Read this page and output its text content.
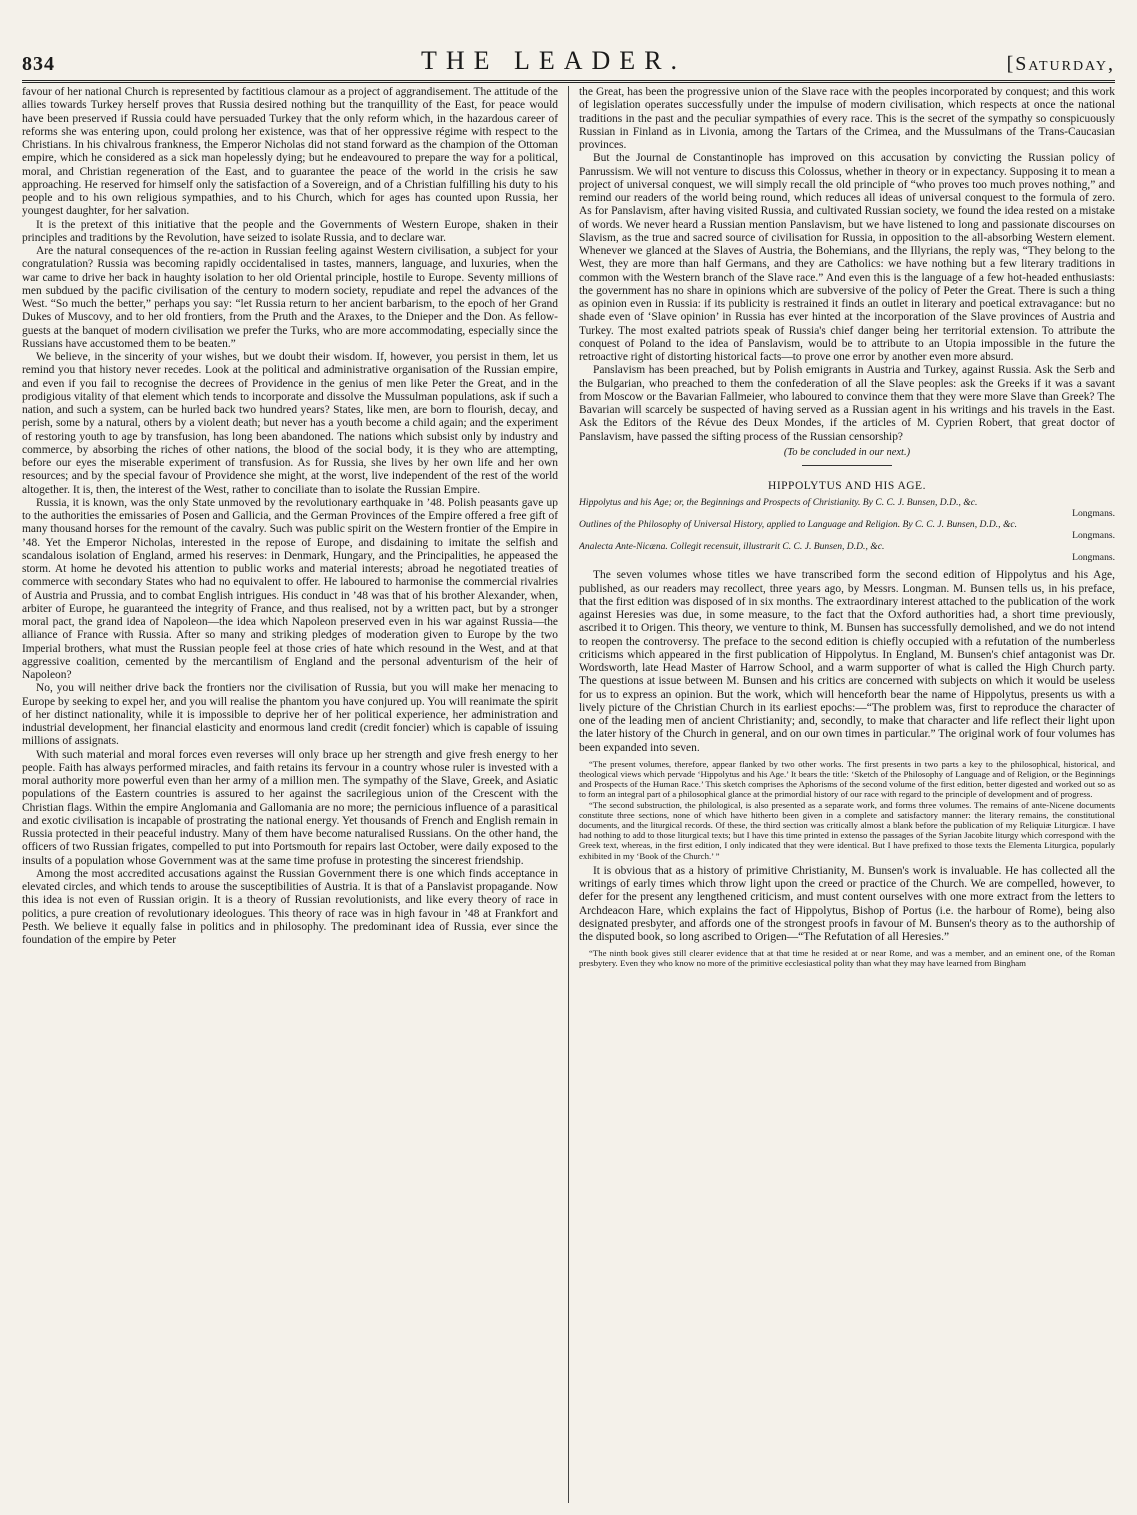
834	THE LEADER.	[Saturday,

favour of her national Church is represented by factitious clamour as a project of aggrandisement. The attitude of the allies towards Turkey herself proves that Russia desired nothing but the tranquillity of the East, for peace would have been preserved if Russia could have persuaded Turkey that the only reform which, in the hazardous career of reforms she was entering upon, could prolong her existence, was that of her oppressive régime with respect to the Christians. In his chivalrous frankness, the Emperor Nicholas did not stand forward as the champion of the Ottoman empire, which he considered as a sick man hopelessly dying; but he endeavoured to prepare the way for a political, moral, and Christian regeneration of the East, and to guarantee the peace of the world in the crisis he saw approaching. He reserved for himself only the satisfaction of a Sovereign, and of a Christian fulfilling his duty to his people and to his own religious sympathies, and to his Church, which for ages has counted upon Russia, her youngest daughter, for her salvation.

It is the pretext of this initiative that the people and the Governments of Western Europe, shaken in their principles and traditions by the Revolution, have seized to isolate Russia, and to declare war.

Are the natural consequences of the re-action in Russian feeling against Western civilisation, a subject for your congratulation? Russia was becoming rapidly occidentalised in tastes, manners, language, and luxuries, when the war came to drive her back in haughty isolation to her old Oriental principle, hostile to Europe. Seventy millions of men subdued by the pacific civilisation of the century to modern society, repudiate and repel the advances of the West. “So much the better,” perhaps you say: “let Russia return to her ancient barbarism, to the epoch of her Grand Dukes of Muscovy, and to her old frontiers, from the Pruth and the Araxes, to the Dnieper and the Don. As fellow-guests at the banquet of modern civilisation we prefer the Turks, who are more accommodating, especially since the Russians have accustomed them to be beaten.”

We believe, in the sincerity of your wishes, but we doubt their wisdom. If, however, you persist in them, let us remind you that history never recedes. Look at the political and administrative organisation of the Russian empire, and even if you fail to recognise the decrees of Providence in the genius of men like Peter the Great, and in the prodigious vitality of that element which tends to incorporate and dissolve the Mussulman populations, ask if such a nation, and such a system, can be hurled back two hundred years? States, like men, are born to flourish, decay, and perish, some by a natural, others by a violent death; but never has a youth become a child again; and the experiment of restoring youth to age by transfusion, has long been abandoned. The nations which subsist only by industry and commerce, by absorbing the riches of other nations, the blood of the social body, it is they who are attempting, before our eyes the miserable experiment of transfusion. As for Russia, she lives by her own life and her own resources; and by the special favour of Providence she might, at the worst, live independent of the rest of the world altogether. It is, then, the interest of the West, rather to conciliate than to isolate the Russian Empire.

Russia, it is known, was the only State unmoved by the revolutionary earthquake in ’48. Polish peasants gave up to the authorities the emissaries of Posen and Gallicia, and the German Provinces of the Empire offered a free gift of many thousand horses for the remount of the cavalry. Such was public spirit on the Western frontier of the Empire in ’48. Yet the Emperor Nicholas, interested in the repose of Europe, and disdaining to imitate the selfish and scandalous isolation of England, armed his reserves: in Denmark, Hungary, and the Principalities, he appeased the storm. At home he devoted his attention to public works and material interests; abroad he negotiated treaties of commerce with secondary States who had no equivalent to offer. He laboured to harmonise the commercial rivalries of Austria and Prussia, and to combat English intrigues. His conduct in ’48 was that of his brother Alexander, when, arbiter of Europe, he guaranteed the integrity of France, and thus realised, not by a written pact, but by a stronger moral pact, the grand idea of Napoleon—the idea which Napoleon preserved even in his war against Russia—the alliance of France with Russia. After so many and striking pledges of moderation given to Europe by the two Imperial brothers, what must the Russian people feel at those cries of hate which resound in the West, and at that aggressive coalition, cemented by the mercantilism of England and the personal adventurism of the heir of Napoleon?

No, you will neither drive back the frontiers nor the civilisation of Russia, but you will make her menacing to Europe by seeking to expel her, and you will realise the phantom you have conjured up. You will reanimate the spirit of her distinct nationality, while it is impossible to deprive her of her political experience, her administration and industrial development, her financial elasticity and enormous land credit (credit foncier) which is capable of issuing millions of assignats.

With such material and moral forces even reverses will only brace up her strength and give fresh energy to her people. Faith has always performed miracles, and faith retains its fervour in a country whose ruler is invested with a moral authority more powerful even than her army of a million men. The sympathy of the Slave, Greek, and Asiatic populations of the Eastern countries is assured to her against the sacrilegious union of the Crescent with the Christian flags. Within the empire Anglomania and Gallomania are no more; the pernicious influence of a parasitical and exotic civilisation is incapable of prostrating the national energy. Yet thousands of French and English remain in Russia protected in their peaceful industry. Many of them have become naturalised Russians. On the other hand, the officers of two Russian frigates, compelled to put into Portsmouth for repairs last October, were daily exposed to the insults of a population whose Government was at the same time profuse in protesting the sincerest friendship.

Among the most accredited accusations against the Russian Government there is one which finds acceptance in elevated circles, and which tends to arouse the susceptibilities of Austria. It is that of a Panslavist propagande. Now this idea is not even of Russian origin. It is a theory of Russian revolutionists, and like every theory of race in politics, a pure creation of revolutionary ideologues. This theory of race was in high favour in ’48 at Frankfort and Pesth. We believe it equally false in politics and in philosophy. The predominant idea of Russia, ever since the foundation of the empire by Peter

the Great, has been the progressive union of the Slave race with the peoples incorporated by conquest; and this work of legislation operates successfully under the impulse of modern civilisation, which respects at once the national traditions in the past and the peculiar sympathies of every race. This is the secret of the sympathy so conspicuously Russian in Finland as in Livonia, among the Tartars of the Crimea, and the Mussulmans of the Trans-Caucasian provinces.

But the Journal de Constantinople has improved on this accusation by convicting the Russian policy of Panrussism. We will not venture to discuss this Colossus, whether in theory or in expectancy. Supposing it to mean a project of universal conquest, we will simply recall the old principle of “who proves too much proves nothing,” and remind our readers of the world being round, which reduces all ideas of universal conquest to the formula of zero. As for Panslavism, after having visited Russia, and cultivated Russian society, we found the idea rested on a mistake of words. We never heard a Russian mention Panslavism, but we have listened to long and passionate discourses on Slavism, as the true and sacred source of civilisation for Russia, in opposition to the all-absorbing Western element. Whenever we glanced at the Slaves of Austria, the Bohemians, and the Illyrians, the reply was, “They belong to the West, they are more than half Germans, and they are Catholics: we have nothing but a few literary traditions in common with the Western branch of the Slave race.” And even this is the language of a few hot-headed enthusiasts: the government has no share in opinions which are subversive of the policy of Peter the Great. There is such a thing as opinion even in Russia: if its publicity is restrained it finds an outlet in literary and poetical extravagance: but no shade even of ‘Slave opinion’ in Russia has ever hinted at the incorporation of the Slave provinces of Austria and Turkey. The most exalted patriots speak of Russia's chief danger being her territorial extension. To attribute the conquest of Poland to the idea of Panslavism, would be to attribute to an Utopia impossible in the future the retroactive right of distorting historical facts—to prove one error by another even more absurd.

Panslavism has been preached, but by Polish emigrants in Austria and Turkey, against Russia. Ask the Serb and the Bulgarian, who preached to them the confederation of all the Slave peoples: ask the Greeks if it was a savant from Moscow or the Bavarian Fallmeier, who laboured to convince them that they were more Slave than Greek? The Bavarian will scarcely be suspected of having served as a Russian agent in his writings and his travels in the East. Ask the Editors of the Révue des Deux Mondes, if the articles of M. Cyprien Robert, that great doctor of Panslavism, have passed the sifting process of the Russian censorship?

(To be concluded in our next.)

HIPPOLYTUS AND HIS AGE.

Hippolytus and his Age; or, the Beginnings and Prospects of Christianity. By C. C. J. Bunsen, D.D., &c.
Longmans.

Outlines of the Philosophy of Universal History, applied to Language and Religion. By C. C. J. Bunsen, D.D., &c.
Longmans.

Analecta Ante-Nicæna. Collegit recensuit, illustrarit C. C. J. Bunsen, D.D., &c.
Longmans.

The seven volumes whose titles we have transcribed form the second edition of Hippolytus and his Age, published, as our readers may recollect, three years ago, by Messrs. Longman. M. Bunsen tells us, in his preface, that the first edition was disposed of in six months. The extraordinary interest attached to the publication of the work against Heresies was due, in some measure, to the fact that the Oxford authorities had, a short time previously, ascribed it to Origen. This theory, we venture to think, M. Bunsen has successfully demolished, and we do not intend to reopen the controversy. The preface to the second edition is chiefly occupied with a refutation of the numberless criticisms which appeared in the first publication of Hippolytus. In England, M. Bunsen's chief antagonist was Dr. Wordsworth, late Head Master of Harrow School, and a warm supporter of what is called the High Church party. The questions at issue between M. Bunsen and his critics are concerned with subjects on which it would be useless for us to express an opinion. But the work, which will henceforth bear the name of Hippolytus, presents us with a lively picture of the Christian Church in its earliest epochs:—“The problem was, first to reproduce the character of one of the leading men of ancient Christianity; and, secondly, to make that character and life reflect their light upon the later history of the Church in general, and on our own times in particular.” The original work of four volumes has been expanded into seven.

“The present volumes, therefore, appear flanked by two other works. The first presents in two parts a key to the philosophical, historical, and theological views which pervade ‘Hippolytus and his Age.’ It bears the title: ‘Sketch of the Philosophy of Language and of Religion, or the Beginnings and Prospects of the Human Race.’ This sketch comprises the Aphorisms of the second volume of the first edition, better digested and worked out so as to form an integral part of a philosophical glance at the primordial history of our race with regard to the principle of development and of progress.

“The second substruction, the philological, is also presented as a separate work, and forms three volumes. The remains of ante-Nicene documents constitute three sections, none of which have hitherto been given in a complete and satisfactory manner: the literary remains, the constitutional documents, and the liturgical records. Of these, the third section was critically almost a blank before the publication of my Reliquiæ Liturgicæ. I have had nothing to add to those liturgical texts; but I have this time printed in extenso the passages of the Syrian Jacobite liturgy which correspond with the Greek text, whereas, in the first edition, I only indicated that they were identical. But I have prefixed to those texts the Elementa Liturgica, popularly exhibited in my ‘Book of the Church.’ ”

It is obvious that as a history of primitive Christianity, M. Bunsen's work is invaluable. He has collected all the writings of early times which throw light upon the creed or practice of the Church. We are compelled, however, to defer for the present any lengthened criticism, and must content ourselves with one more extract from the letters to Archdeacon Hare, which explains the fact of Hippolytus, Bishop of Portus (i.e. the harbour of Rome), being also designated presbyter, and affords one of the strongest proofs in favour of M. Bunsen's theory as to the authorship of the disputed book, so long ascribed to Origen—“The Refutation of all Heresies.”

“The ninth book gives still clearer evidence that at that time he resided at or near Rome, and was a member, and an eminent one, of the Roman presbytery. Even they who know no more of the primitive ecclesiastical polity than what they may have learned from Bingham
